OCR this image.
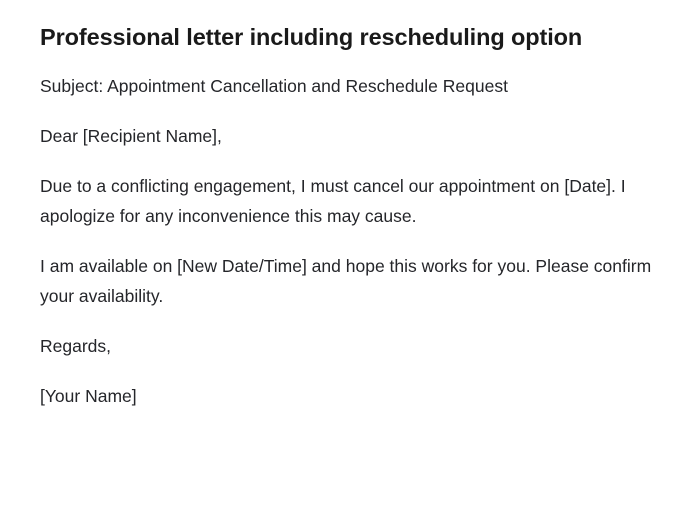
Professional letter including rescheduling option

Subject: Appointment Cancellation and Reschedule Request

Dear [Recipient Name],

Due to a conflicting engagement, I must cancel our appointment on [Date]. I apologize for any inconvenience this may cause.

I am available on [New Date/Time] and hope this works for you. Please confirm your availability.

Regards,

[Your Name]
